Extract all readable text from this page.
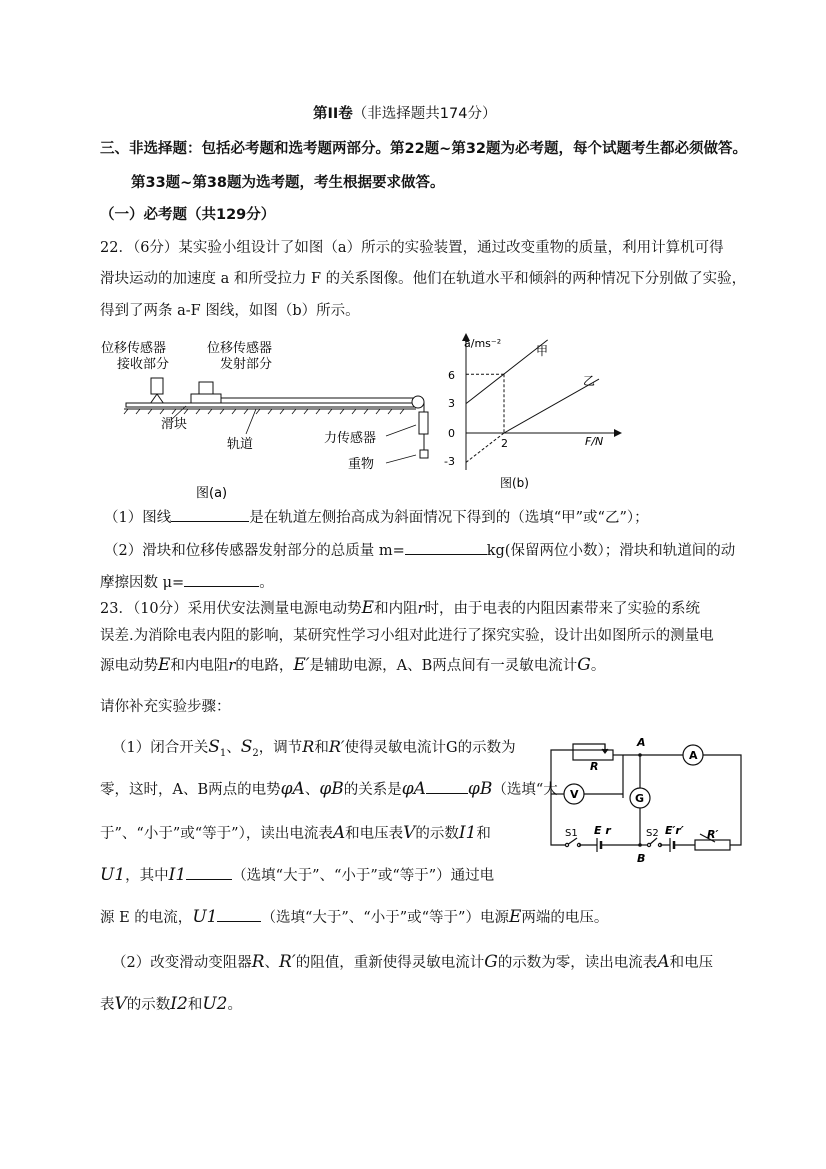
第II卷（非选择题共174分）
三、非选择题：包括必考题和选考题两部分。第22题~第32题为必考题，每个试题考生都必须做答。
第33题~第38题为选考题，考生根据要求做答。
（一）必考题（共129分）
22．（6分）某实验小组设计了如图（a）所示的实验装置，通过改变重物的质量，利用计算机可得
滑块运动的加速度 a 和所受拉力 F 的关系图像。他们在轨道水平和倾斜的两种情况下分别做了实验，
得到了两条 a-F 图线，如图（b）所示。
位移传感器
接收部分
位移传感器
发射部分
滑块
轨道	力传感器
重物
图(a)
a/ms⁻²
F/N
6
3
0
-3
2
甲
乙
图(b)
（1）图线	是在轨道左侧抬高成为斜面情况下得到的（选填“甲”或“乙”）；
（2）滑块和位移传感器发射部分的总质量 m=	kg(保留两位小数）；滑块和轨道间的动
摩擦因数 μ=	。
23．（10分）采用伏安法测量电源电动势E和内阻r时，由于电表的内阻因素带来了实验的系统
误差.为消除电表内阻的影响，某研究性学习小组对此进行了探究实验，设计出如图所示的测量电
源电动势E和内电阻r的电路，E′是辅助电源，A、B两点间有一灵敏电流计G。
请你补充实验步骤：
（1）闭合开关$S_1$、$S_2$，调节R和R′使得灵敏电流计G的示数为
零，这时，A、B两点的电势φA、φB的关系是φA φB（选填“大
于”、“小于”或“等于”），读出电流表A和电压表V的示数I1和
U1，其中I1	（选填“大于”、“小于”或“等于”）通过电
源 E 的电流，U1	（选填“大于”、“小于”或“等于”）电源E两端的电压。
（2）改变滑动变阻器R、R′的阻值，重新使得灵敏电流计G的示数为零，读出电流表A和电压
表V的示数I2和U2。
R
A
A
V	G
S1 E r	S2 E′r′ R′
B
